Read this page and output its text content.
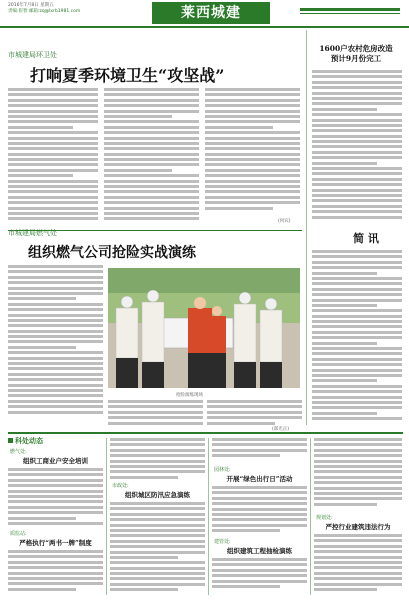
2016年7月8日 星期五
责编:崔智 邮箱:zq@lxrb1981.com	莱西城建
市城建局环卫处
打响夏季环境卫生“攻坚战”
(何宾)
市城建局燃气处
组织燃气公司抢险实战演练
抢险演练现场
(郑光正)
1600户农村危房改造
预计9月份完工
简 讯
科处动态
燃气处:
组织工商业户安全培训
质监站:
严格执行“两书一牌”制度
市政处:
组织城区防汛应急演练
园林处:
开展“绿色出行日”活动
建管处:
组织建筑工程抽检演练
规划处:
严控行业建筑违法行为
